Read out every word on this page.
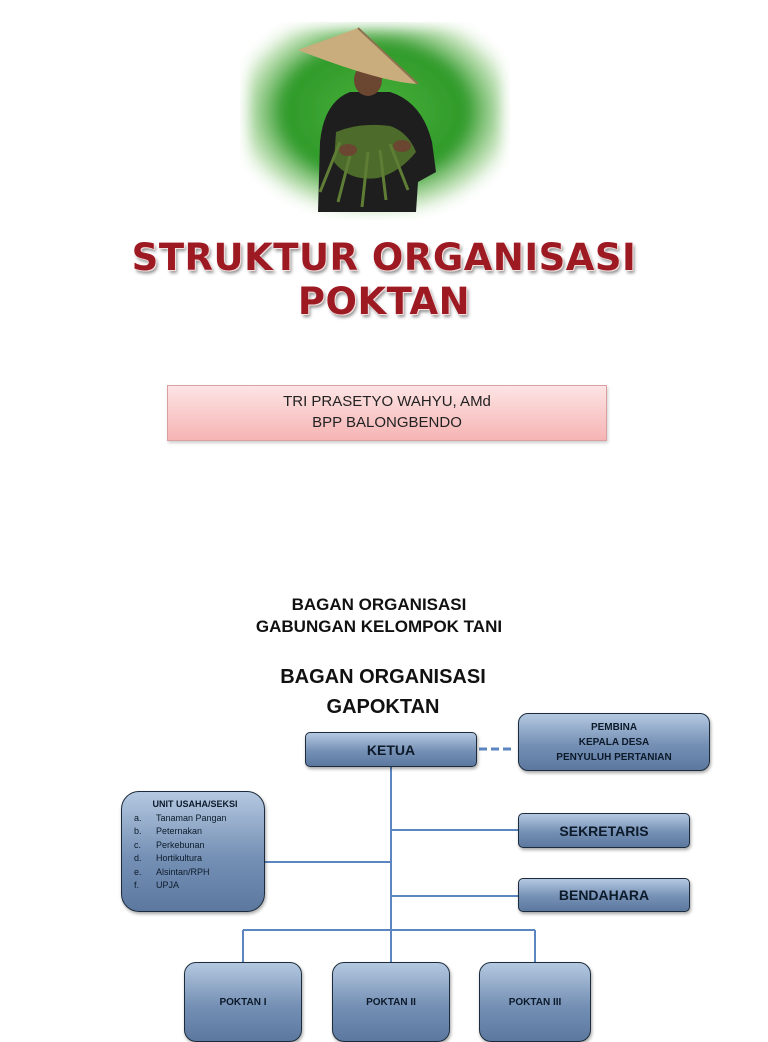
STRUKTUR ORGANISASI
POKTAN
TRI PRASETYO WAHYU, AMd
BPP BALONGBENDO
BAGAN ORGANISASI
GABUNGAN KELOMPOK TANI
BAGAN ORGANISASI
GAPOKTAN
KETUA
PEMBINA
KEPALA DESA
PENYULUH PERTANIAN
SEKRETARIS
BENDAHARA
UNIT USAHA/SEKSI
a.	Tanaman Pangan
b.	Peternakan
c.	Perkebunan
d.	Hortikultura
e.	Alsintan/RPH
f.	UPJA
POKTAN I	POKTAN II	POKTAN III
